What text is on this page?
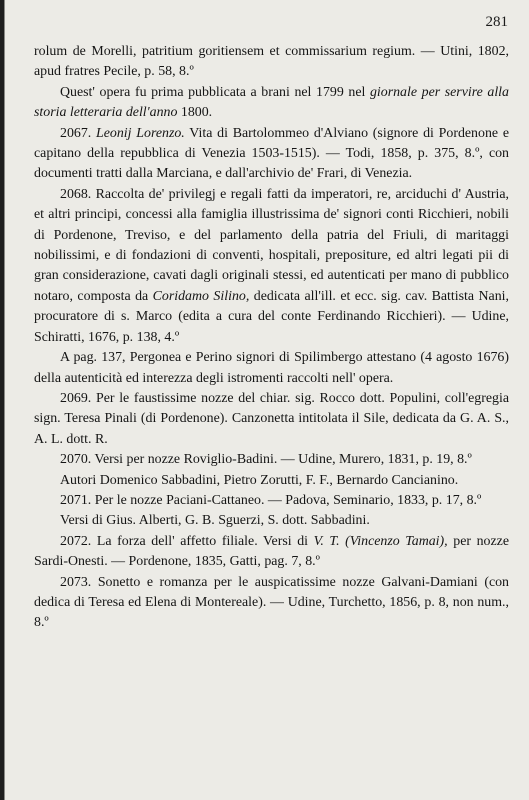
281

rolum de Morelli, patritium goritiensem et commissarium regium. — Utini, 1802, apud fratres Pecile, p. 58, 8.º

Quest' opera fu prima pubblicata a brani nel 1799 nel giornale per servire alla storia letteraria dell'anno 1800.

2067. Leonij Lorenzo. Vita di Bartolommeo d'Alviano (signore di Pordenone e capitano della repubblica di Venezia 1503-1515). — Todi, 1858, p. 375, 8.º, con documenti tratti dalla Marciana, e dall'archivio de' Frari, di Venezia.

2068. Raccolta de' privilegj e regali fatti da imperatori, re, arciduchi d' Austria, et altri principi, concessi alla famiglia illustrissima de' signori conti Ricchieri, nobili di Pordenone, Treviso, e del parlamento della patria del Friuli, di maritaggi nobilissimi, e di fondazioni di conventi, hospitali, prepositure, ed altri legati pii di gran considerazione, cavati dagli originali stessi, ed autenticati per mano di pubblico notaro, composta da Coridamo Silino, dedicata all'ill. et ecc. sig. cav. Battista Nani, procuratore di s. Marco (edita a cura del conte Ferdinando Ricchieri). — Udine, Schiratti, 1676, p. 138, 4.º

A pag. 137, Pergonea e Perino signori di Spilimbergo attestano (4 agosto 1676) della autenticità ed interezza degli istromenti raccolti nell' opera.

2069. Per le faustissime nozze del chiar. sig. Rocco dott. Populini, coll'egregia sign. Teresa Pinali (di Pordenone). Canzonetta intitolata il Sile, dedicata da G. A. S., A. L. dott. R.

2070. Versi per nozze Roviglio-Badini. — Udine, Murero, 1831, p. 19, 8.º

Autori Domenico Sabbadini, Pietro Zorutti, F. F., Bernardo Cancianino.

2071. Per le nozze Paciani-Cattaneo. — Padova, Seminario, 1833, p. 17, 8.º

Versi di Gius. Alberti, G. B. Sguerzi, S. dott. Sabbadini.

2072. La forza dell' affetto filiale. Versi di V. T. (Vincenzo Tamai), per nozze Sardi-Onesti. — Pordenone, 1835, Gatti, pag. 7, 8.º

2073. Sonetto e romanza per le auspicatissime nozze Galvani-Damiani (con dedica di Teresa ed Elena di Montereale). — Udine, Turchetto, 1856, p. 8, non num., 8.º
